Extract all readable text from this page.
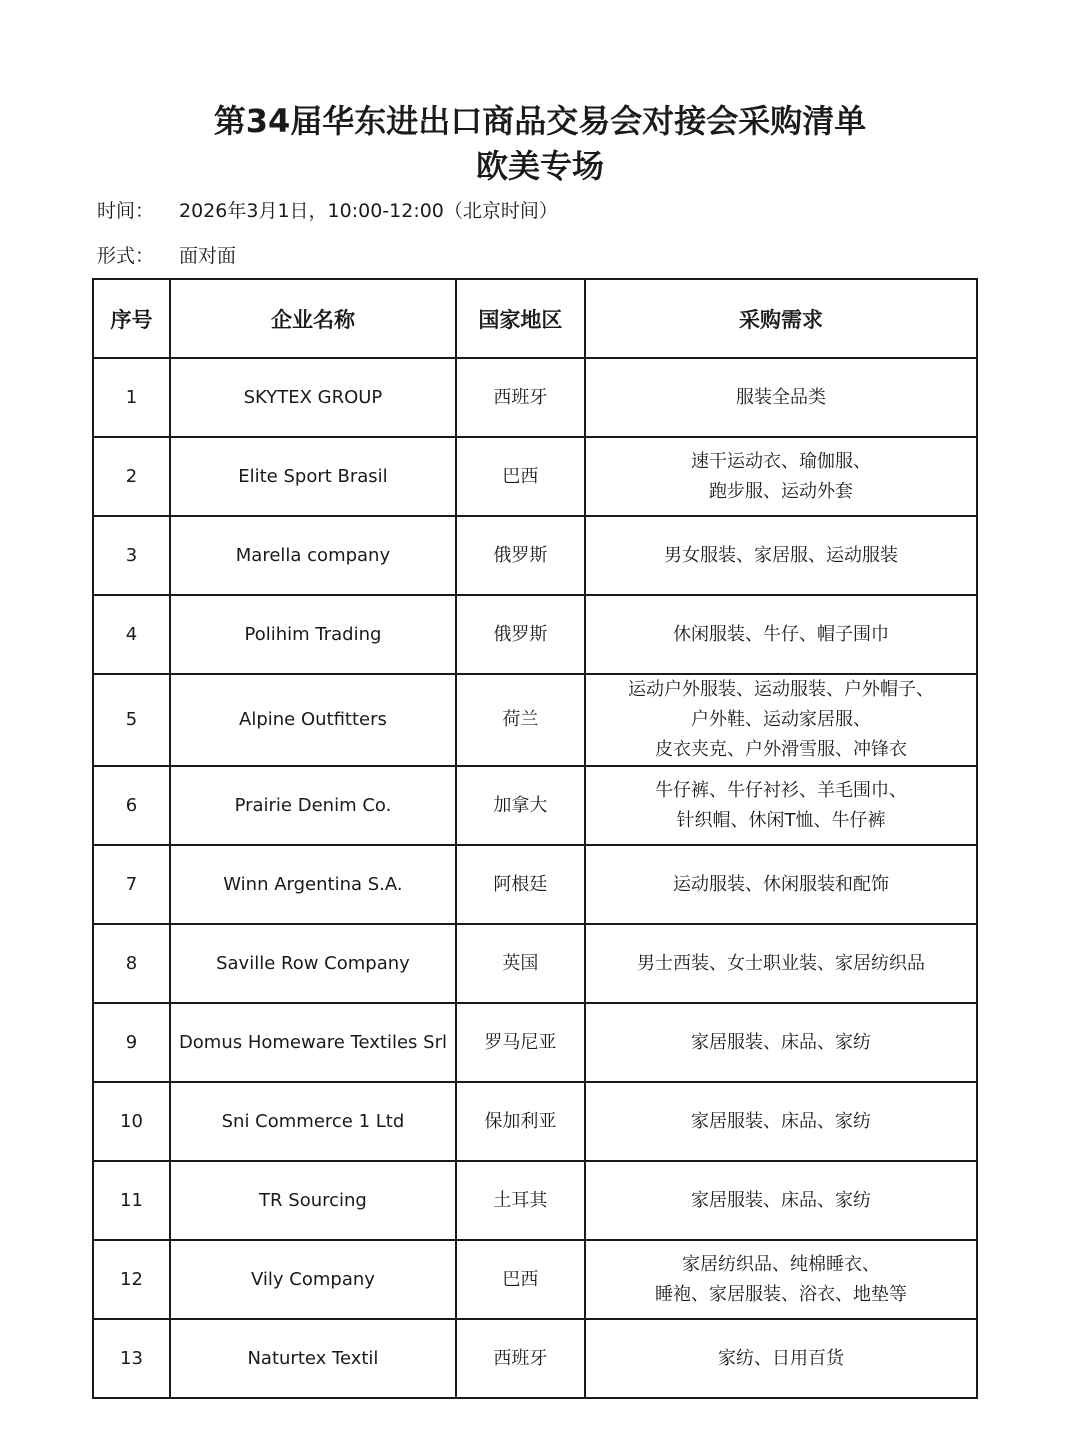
第34届华东进出口商品交易会对接会采购清单
欧美专场
时间： 2026年3月1日，10:00-12:00（北京时间）
形式： 面对面
序号	企业名称	国家地区	采购需求
1	SKYTEX GROUP	西班牙	服装全品类

2	Elite Sport Brasil	巴西	速干运动衣、瑜伽服、
跑步服、运动外套

3	Marella company	俄罗斯	男女服装、家居服、运动服装

4	Polihim Trading	俄罗斯	休闲服装、牛仔、帽子围巾

5	Alpine Outfitters	荷兰	运动户外服装、运动服装、户外帽子、
户外鞋、运动家居服、
皮衣夹克、户外滑雪服、冲锋衣

6	Prairie Denim Co.	加拿大	牛仔裤、牛仔衬衫、羊毛围巾、
针织帽、休闲T恤、牛仔裤

7	Winn Argentina S.A.	阿根廷	运动服装、休闲服装和配饰

8	Saville Row Company	英国	男士西装、女士职业装、家居纺织品

9	Domus Homeware Textiles Srl	罗马尼亚	家居服装、床品、家纺

10	Sni Commerce 1 Ltd	保加利亚	家居服装、床品、家纺

11	TR Sourcing	土耳其	家居服装、床品、家纺

12	Vily Company	巴西	家居纺织品、纯棉睡衣、
睡袍、家居服装、浴衣、地垫等

13	Naturtex Textil	西班牙	家纺、日用百货
